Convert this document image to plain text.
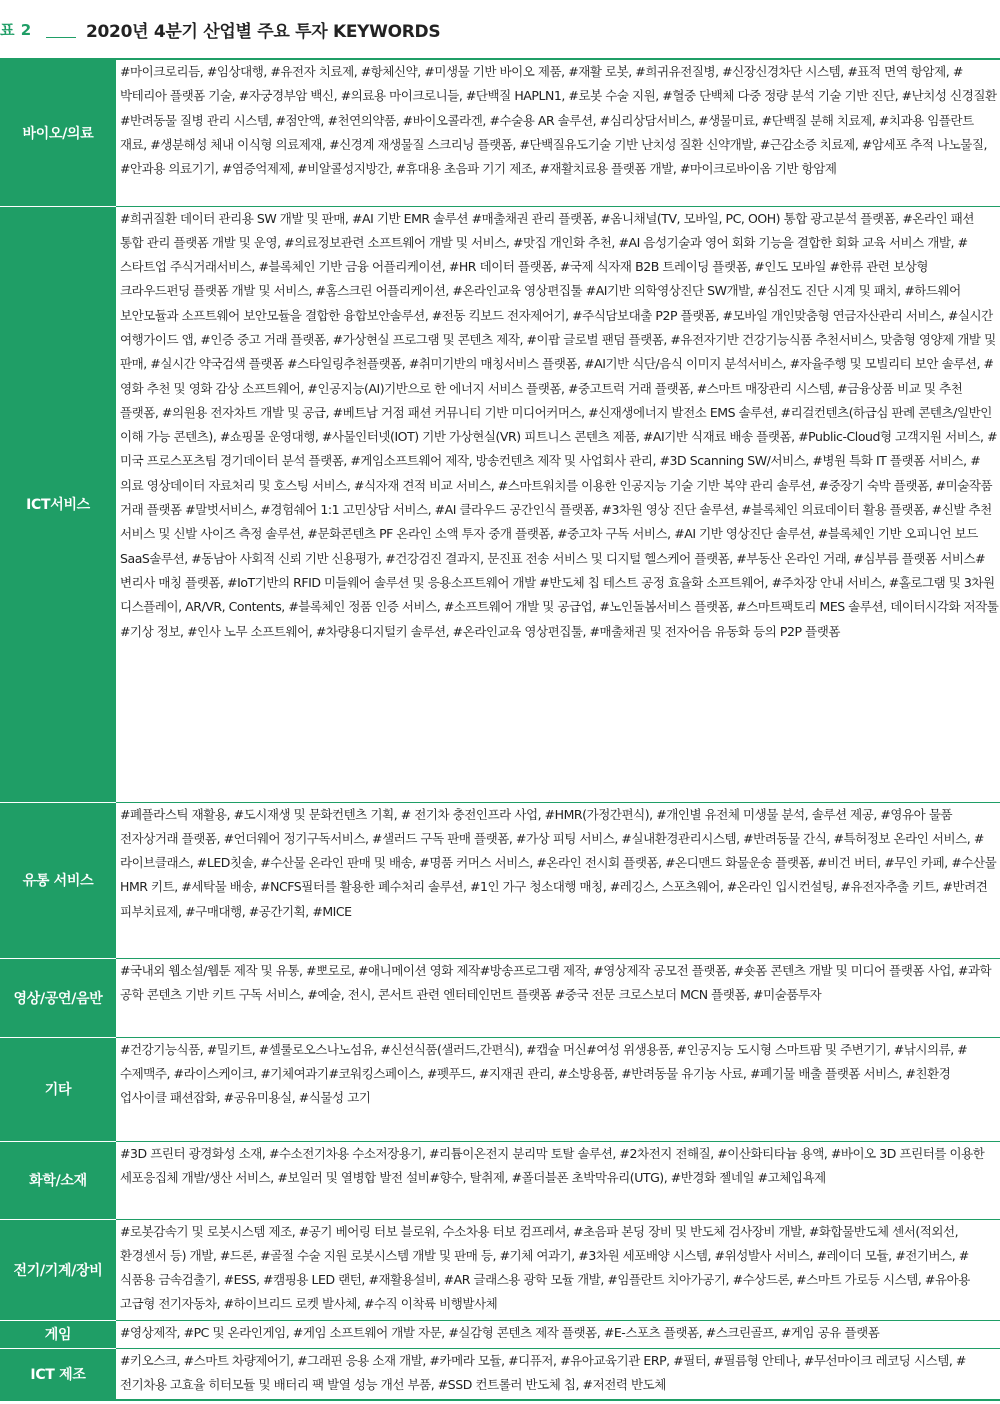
표 2	2020년 4분기 산업별 주요 투자 KEYWORDS
바이오/의료	#마이크로리듬, #임상대행, #유전자 치료제, #항체신약, #미생물 기반 바이오 제품, #재활 로봇, #희귀유전질병, #신장신경차단 시스템, #표적 면역 항암제, # 박테리아 플랫폼 기술, #자궁경부암 백신, #의료용 마이크로니들, #단백질 HAPLN1, #로봇 수술 지원, #혈중 단백체 다중 정량 분석 기술 기반 진단, #난치성 신경질환#반려동물 질병 관리 시스템, #점안액, #천연의약품, #바이오콜라겐, #수술용 AR 솔루션, #심리상담서비스, #생물미료, #단백질 분해 치료제, #치과용 임플란트 재료, #생분해성 체내 이식형 의료제재, #신경계 재생물질 스크리닝 플랫폼, #단백질유도기술 기반 난치성 질환 신약개발, #근감소증 치료제, #암세포 추적 나노물질, #안과용 의료기기, #염증억제제, #비알콜성지방간, #휴대용 초음파 기기 제조, #재활치료용 플랫폼 개발, #마이크로바이옴 기반 항암제
ICT서비스	#희귀질환 데이터 관리용 SW 개발 및 판매, #AI 기반 EMR 솔루션 #매출채권 관리 플랫폼, #옴니채널(TV, 모바일, PC, OOH) 통합 광고분석 플랫폼, #온라인 패션 통합 관리 플랫폼 개발 및 운영, #의료정보관련 소프트웨어 개발 및 서비스, #맛집 개인화 추천, #AI 음성기술과 영어 회화 기능을 결합한 회화 교육 서비스 개발, #스타트업 주식거래서비스, #블록체인 기반 금융 어플리케이션, #HR 데이터 플랫폼, #국제 식자재 B2B 트레이딩 플랫폼, #인도 모바일 #한류 관련 보상형 크라우드펀딩 플랫폼 개발 및 서비스, #홈스크린 어플리케이션, #온라인교육 영상편집툴 #AI기반 의학영상진단 SW개발, #심전도 진단 시계 및 패치, #하드웨어 보안모듈과 소프트웨어 보안모듈을 결합한 융합보안솔루션, #전동 킥보드 전자제어기, #주식담보대출 P2P 플랫폼, #모바일 개인맞춤형 연금자산관리 서비스, #실시간 여행가이드 앱, #인증 중고 거래 플랫폼, #가상현실 프로그램 및 콘텐츠 제작, #이팝 글로벌 팬덤 플랫폼, #유전자기반 건강기능식품 추천서비스, 맞춤형 영양제 개발 및 판매, #실시간 약국검색 플랫폼 #스타일링추천플랫폼, #취미기반의 매칭서비스 플랫폼, #AI기반 식단/음식 이미지 분석서비스, #자율주행 및 모빌리티 보안 솔루션, #영화 추천 및 영화 감상 소프트웨어, #인공지능(AI)기반으로 한 에너지 서비스 플랫폼, #중고트럭 거래 플랫폼, #스마트 매장관리 시스템, #금융상품 비교 및 추천 플랫폼, #의원용 전자차트 개발 및 공급, #베트남 거점 패션 커뮤니티 기반 미디어커머스, #신재생에너지 발전소 EMS 솔루션, #리걸컨텐츠(하급심 판례 콘텐츠/일반인 이해 가능 콘텐츠), #쇼핑몰 운영대행, #사물인터넷(IOT) 기반 가상현실(VR) 피트니스 콘텐츠 제품, #AI기반 식재료 배송 플랫폼, #Public-Cloud형 고객지원 서비스, #미국 프로스포츠팀 경기데이터 분석 플랫폼, #게임소프트웨어 제작, 방송컨텐츠 제작 및 사업회사 관리, #3D Scanning SW/서비스, #병원 특화 IT 플랫폼 서비스, #의료 영상데이터 자료처리 및 호스팅 서비스, #식자재 견적 비교 서비스, #스마트워치를 이용한 인공지능 기술 기반 복약 관리 솔루션, #중장기 숙박 플랫폼, #미술작품 거래 플랫폼 #말벗서비스, #경험쉐어 1:1 고민상담 서비스, #AI 클라우드 공간인식 플랫폼, #3차원 영상 진단 솔루션, #블록체인 의료데이터 활용 플랫폼, #신발 추천 서비스 및 신발 사이즈 측정 솔루션, #문화콘텐츠 PF 온라인 소액 투자 중개 플랫폼, #중고차 구독 서비스, #AI 기반 영상진단 솔루션, #블록체인 기반 오피니언 보드 SaaS솔루션, #동남아 사회적 신뢰 기반 신용평가, #건강검진 결과지, 문진표 전송 서비스 및 디지털 헬스케어 플랫폼, #부동산 온라인 거래, #심부름 플랫폼 서비스#변리사 매칭 플랫폼, #IoT기반의 RFID 미들웨어 솔루션 및 응용소프트웨어 개발 #반도체 칩 테스트 공정 효율화 소프트웨어, #주차장 안내 서비스, #홀로그램 및 3차원 디스플레이, AR/VR, Contents, #블록체인 정품 인증 서비스, #소프트웨어 개발 및 공급업, #노인돌봄서비스 플랫폼, #스마트팩토리 MES 솔루션, 데이터시각화 저작툴 #기상 정보, #인사 노무 소프트웨어, #차량용디지털키 솔루션, #온라인교육 영상편집툴, #매출채권 및 전자어음 유동화 등의 P2P 플랫폼
유통 서비스	#폐플라스틱 재활용, #도시재생 및 문화컨텐츠 기획, # 전기차 충전인프라 사업, #HMR(가정간편식), #개인별 유전체 미생물 분석, 솔루션 제공, #영유아 물품 전자상거래 플랫폼, #언더웨어 정기구독서비스, #샐러드 구독 판매 플랫폼, #가상 피팅 서비스, #실내환경관리시스템, #반려동물 간식, #특허정보 온라인 서비스, #라이브클래스, #LED칫솔, #수산물 온라인 판매 및 배송, #명품 커머스 서비스, #온라인 전시회 플랫폼, #온디맨드 화물운송 플랫폼, #비건 버터, #무인 카페, #수산물 HMR 키트, #세탁물 배송, #NCFS필터를 활용한 폐수처리 솔루션, #1인 가구 청소대행 매칭, #레깅스, 스포츠웨어, #온라인 입시컨설팅, #유전자추출 키트, #반려견 피부치료제, #구매대행, #공간기획, #MICE
영상/공연/음반	#국내외 웹소설/웹툰 제작 및 유통, #뽀로로, #애니메이션 영화 제작#방송프로그램 제작, #영상제작 공모전 플랫폼, #숏폼 콘텐츠 개발 및 미디어 플랫폼 사업, #과학 공학 콘텐츠 기반 키트 구독 서비스, #예술, 전시, 콘서트 관련 엔터테인먼트 플랫폼 #중국 전문 크로스보더 MCN 플랫폼, #미술품투자
기타	#건강기능식품, #밀키트, #셀룰로오스나노섬유, #신선식품(샐러드,간편식), #캡슐 머신#여성 위생용품, #인공지능 도시형 스마트팜 및 주변기기, #낚시의류, #수제맥주, #라이스케이크, #기체여과기#코워킹스페이스, #펫푸드, #지재권 관리, #소방용품, #반려동물 유기농 사료, #폐기물 배출 플랫폼 서비스, #친환경 업사이클 패션잡화, #공유미용실, #식물성 고기
화학/소재	#3D 프린터 광경화성 소재, #수소전기차용 수소저장용기, #리튬이온전지 분리막 토탈 솔루션, #2차전지 전해질, #이산화티타늄 용액, #바이오 3D 프린터를 이용한 세포응집체 개발/생산 서비스, #보일러 및 열병합 발전 설비#향수, 탈취제, #폴더블폰 초박막유리(UTG), #반경화 젤네일 #고체입욕제
전기/기계/장비	#로봇감속기 및 로봇시스템 제조, #공기 베어링 터보 블로워, 수소차용 터보 컴프레셔, #초음파 본딩 장비 및 반도체 검사장비 개발, #화합물반도체 센서(적외선, 환경센서 등) 개발, #드론, #골절 수술 지원 로봇시스템 개발 및 판매 등, #기체 여과기, #3차원 세포배양 시스템, #위성발사 서비스, #레이더 모듈, #전기버스, #식품용 금속검출기, #ESS, #캠핑용 LED 랜턴, #재활용설비, #AR 글래스용 광학 모듈 개발, #임플란트 치아가공기, #수상드론, #스마트 가로등 시스템, #유아용 고급형 전기자동차, #하이브리드 로켓 발사체, #수직 이착륙 비행발사체
게임	#영상제작, #PC 및 온라인게임, #게임 소프트웨어 개발 자문, #실감형 콘텐츠 제작 플랫폼, #E-스포츠 플랫폼, #스크린골프, #게임 공유 플랫폼
ICT 제조	#키오스크, #스마트 차량제어기, #그래핀 응용 소재 개발, #카메라 모듈, #디퓨저, #유아교육기관 ERP, #필터, #필름형 안테나, #무선마이크 레코딩 시스템, #전기차용 고효율 히터모듈 및 배터리 팩 발열 성능 개선 부품, #SSD 컨트롤러 반도체 칩, #저전력 반도체
